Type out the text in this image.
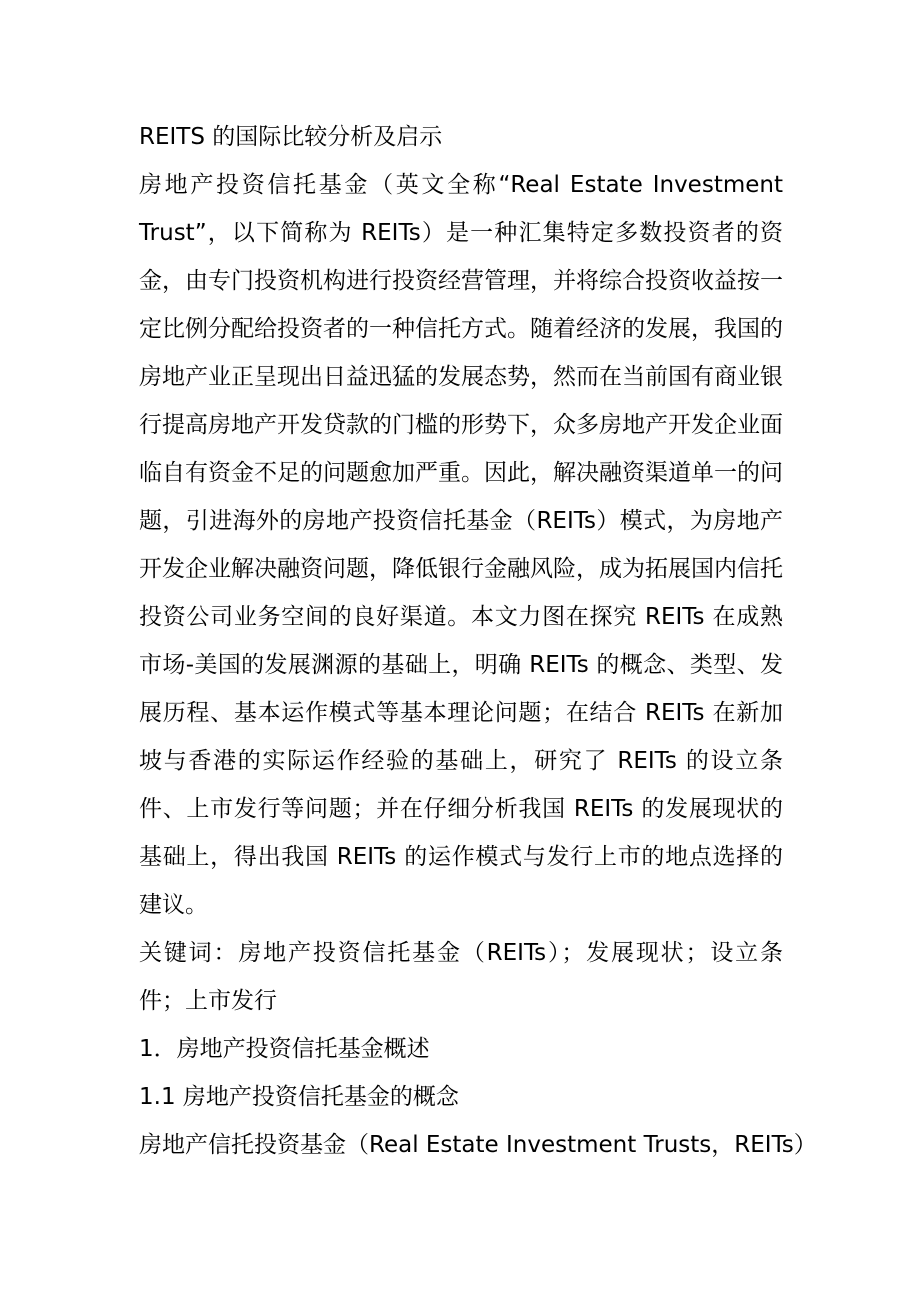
REITS 的国际比较分析及启示

房地产投资信托基金（英文全称“Real Estate Investment Trust”，以下简称为 REITs）是一种汇集特定多数投资者的资金，由专门投资机构进行投资经营管理，并将综合投资收益按一定比例分配给投资者的一种信托方式。随着经济的发展，我国的房地产业正呈现出日益迅猛的发展态势，然而在当前国有商业银行提高房地产开发贷款的门槛的形势下，众多房地产开发企业面临自有资金不足的问题愈加严重。因此，解决融资渠道单一的问题，引进海外的房地产投资信托基金（REITs）模式，为房地产开发企业解决融资问题，降低银行金融风险，成为拓展国内信托投资公司业务空间的良好渠道。本文力图在探究 REITs 在成熟市场-美国的发展渊源的基础上，明确 REITs 的概念、类型、发展历程、基本运作模式等基本理论问题；在结合 REITs 在新加坡与香港的实际运作经验的基础上，研究了 REITs 的设立条件、上市发行等问题；并在仔细分析我国 REITs 的发展现状的基础上，得出我国 REITs 的运作模式与发行上市的地点选择的建议。

关键词：房地产投资信托基金（REITs）；发展现状；设立条件；上市发行

1．房地产投资信托基金概述

1.1 房地产投资信托基金的概念

房地产信托投资基金（Real Estate Investment Trusts，REITs）
